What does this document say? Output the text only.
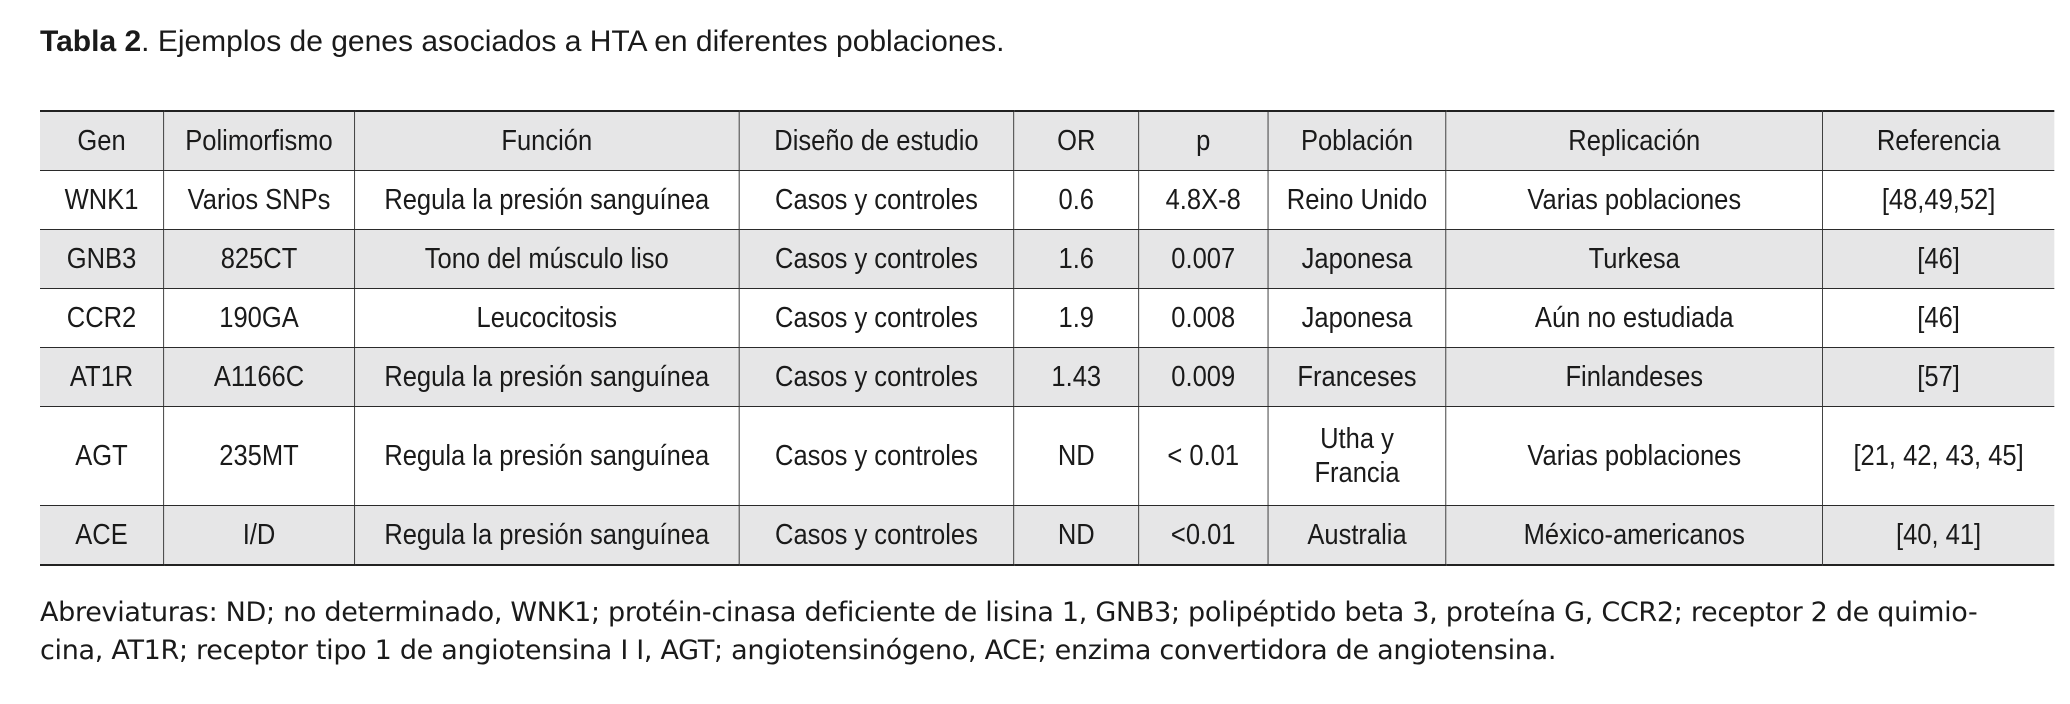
Tabla 2. Ejemplos de genes asociados a HTA en diferentes poblaciones.
Gen	Polimorfismo	Función	Diseño de estudio	OR	p	Población	Replicación	Referencia
WNK1	Varios SNPs	Regula la presión sanguínea	Casos y controles	0.6	4.8X-8	Reino Unido	Varias poblaciones	[48,49,52]
GNB3	825CT	Tono del músculo liso	Casos y controles	1.6	0.007	Japonesa	Turkesa	[46]
CCR2	190GA	Leucocitosis	Casos y controles	1.9	0.008	Japonesa	Aún no estudiada	[46]
AT1R	A1166C	Regula la presión sanguínea	Casos y controles	1.43	0.009	Franceses	Finlandeses	[57]
AGT	235MT	Regula la presión sanguínea	Casos y controles	ND	< 0.01	Utha y Francia	Varias poblaciones	[21, 42, 43, 45]
ACE	I/D	Regula la presión sanguínea	Casos y controles	ND	<0.01	Australia	México-americanos	[40, 41]
Abreviaturas: ND; no determinado, WNK1; protéin-cinasa deficiente de lisina 1, GNB3; polipéptido beta 3, proteína G, CCR2; receptor 2 de quimio-
cina, AT1R; receptor tipo 1 de angiotensina I I, AGT; angiotensinógeno, ACE; enzima convertidora de angiotensina.
